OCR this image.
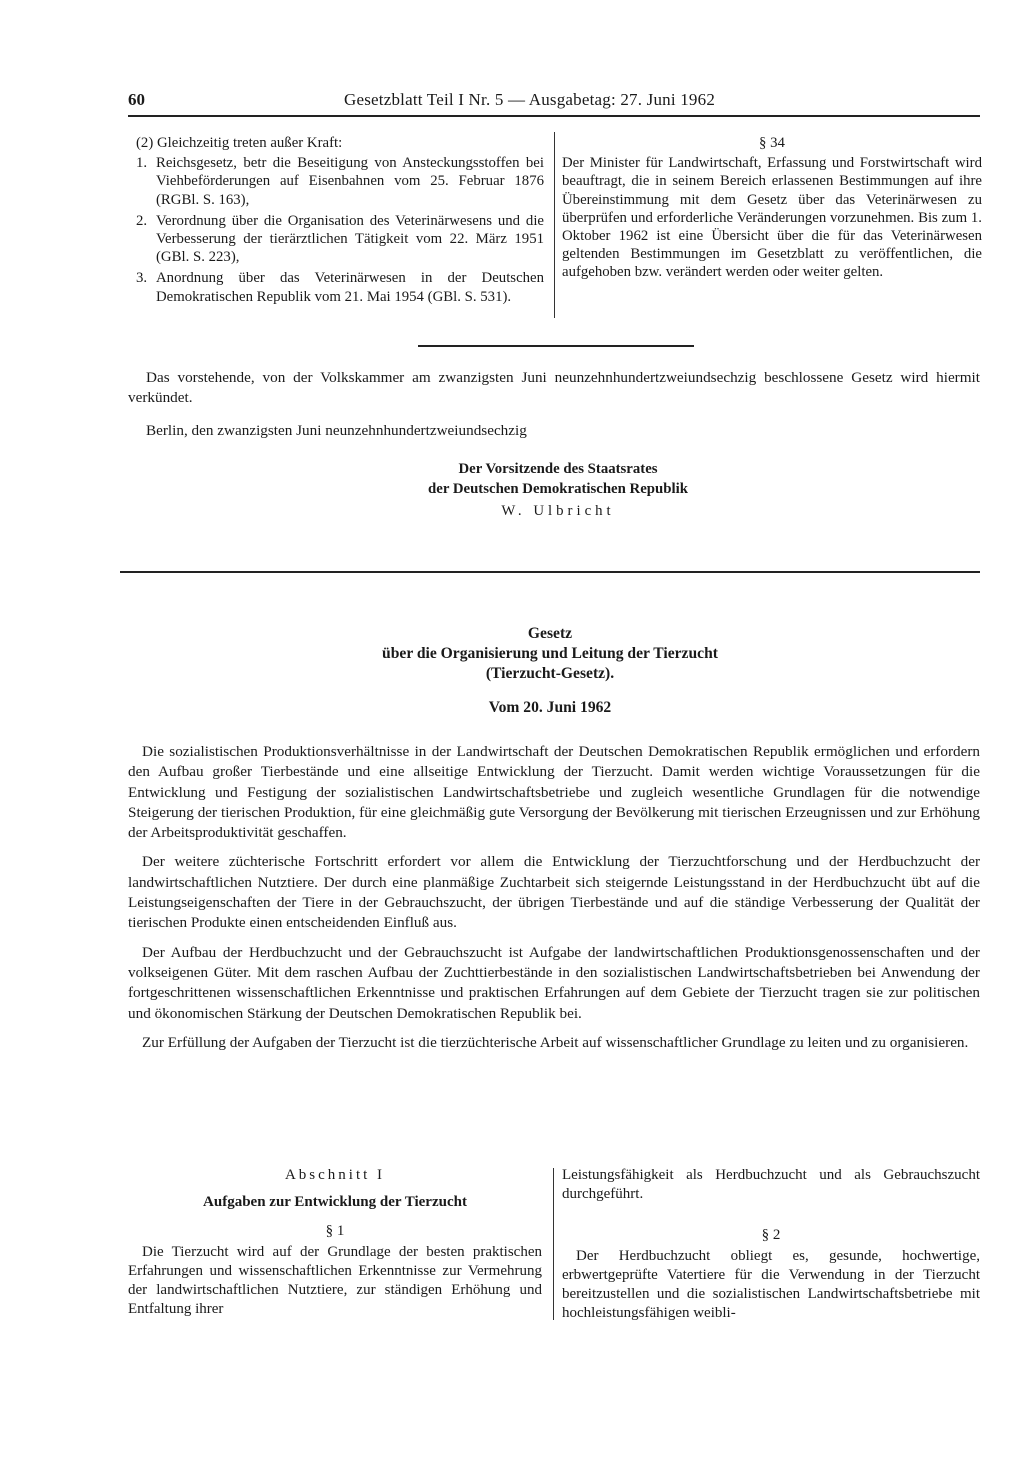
60	Gesetzblatt Teil I Nr. 5 — Ausgabetag: 27. Juni 1962
(2) Gleichzeitig treten außer Kraft:
1. Reichsgesetz, betr die Beseitigung von Ansteckungsstoffen bei Viehbeförderungen auf Eisenbahnen vom 25. Februar 1876 (RGBl. S. 163),
2. Verordnung über die Organisation des Veterinärwesens und die Verbesserung der tierärztlichen Tätigkeit vom 22. März 1951 (GBl. S. 223),
3. Anordnung über das Veterinärwesen in der Deutschen Demokratischen Republik vom 21. Mai 1954 (GBl. S. 531).
§ 34
Der Minister für Landwirtschaft, Erfassung und Forstwirtschaft wird beauftragt, die in seinem Bereich erlassenen Bestimmungen auf ihre Übereinstimmung mit dem Gesetz über das Veterinärwesen zu überprüfen und erforderliche Veränderungen vorzunehmen. Bis zum 1. Oktober 1962 ist eine Übersicht über die für das Veterinärwesen geltenden Bestimmungen im Gesetzblatt zu veröffentlichen, die aufgehoben bzw. verändert werden oder weiter gelten.

Das vorstehende, von der Volkskammer am zwanzigsten Juni neunzehnhundertzweiundsechzig beschlossene Gesetz wird hiermit verkündet.

Berlin, den zwanzigsten Juni neunzehnhundertzweiundsechzig
Der Vorsitzende des Staatsrates
der Deutschen Demokratischen Republik
W. Ulbricht
Gesetz
über die Organisierung und Leitung der Tierzucht
(Tierzucht-Gesetz).
Vom 20. Juni 1962

Die sozialistischen Produktionsverhältnisse in der Landwirtschaft der Deutschen Demokratischen Republik ermöglichen und erfordern den Aufbau großer Tierbestände und eine allseitige Entwicklung der Tierzucht. Damit werden wichtige Voraussetzungen für die Entwicklung und Festigung der sozialistischen Landwirtschaftsbetriebe und zugleich wesentliche Grundlagen für die notwendige Steigerung der tierischen Produktion, für eine gleichmäßig gute Versorgung der Bevölkerung mit tierischen Erzeugnissen und zur Erhöhung der Arbeitsproduktivität geschaffen.

Der weitere züchterische Fortschritt erfordert vor allem die Entwicklung der Tierzuchtforschung und der Herdbuchzucht der landwirtschaftlichen Nutztiere. Der durch eine planmäßige Zuchtarbeit sich steigernde Leistungsstand in der Herdbuchzucht übt auf die Leistungseigenschaften der Tiere in der Gebrauchszucht, der übrigen Tierbestände und auf die ständige Verbesserung der Qualität der tierischen Produkte einen entscheidenden Einfluß aus.

Der Aufbau der Herdbuchzucht und der Gebrauchszucht ist Aufgabe der landwirtschaftlichen Produktionsgenossenschaften und der volkseigenen Güter. Mit dem raschen Aufbau der Zuchttierbestände in den sozialistischen Landwirtschaftsbetrieben bei Anwendung der fortgeschrittenen wissenschaftlichen Erkenntnisse und praktischen Erfahrungen auf dem Gebiete der Tierzucht tragen sie zur politischen und ökonomischen Stärkung der Deutschen Demokratischen Republik bei.

Zur Erfüllung der Aufgaben der Tierzucht ist die tierzüchterische Arbeit auf wissenschaftlicher Grundlage zu leiten und zu organisieren.

Abschnitt I
Aufgaben zur Entwicklung der Tierzucht
§ 1
Die Tierzucht wird auf der Grundlage der besten praktischen Erfahrungen und wissenschaftlichen Erkenntnisse zur Vermehrung der landwirtschaftlichen Nutztiere, zur ständigen Erhöhung und Entfaltung ihrer
Leistungsfähigkeit als Herdbuchzucht und als Gebrauchszucht durchgeführt.
§ 2
Der Herdbuchzucht obliegt es, gesunde, hochwertige, erbwertgeprüfte Vatertiere für die Verwendung in der Tierzucht bereitzustellen und die sozialistischen Landwirtschaftsbetriebe mit hochleistungsfähigen weibli-
